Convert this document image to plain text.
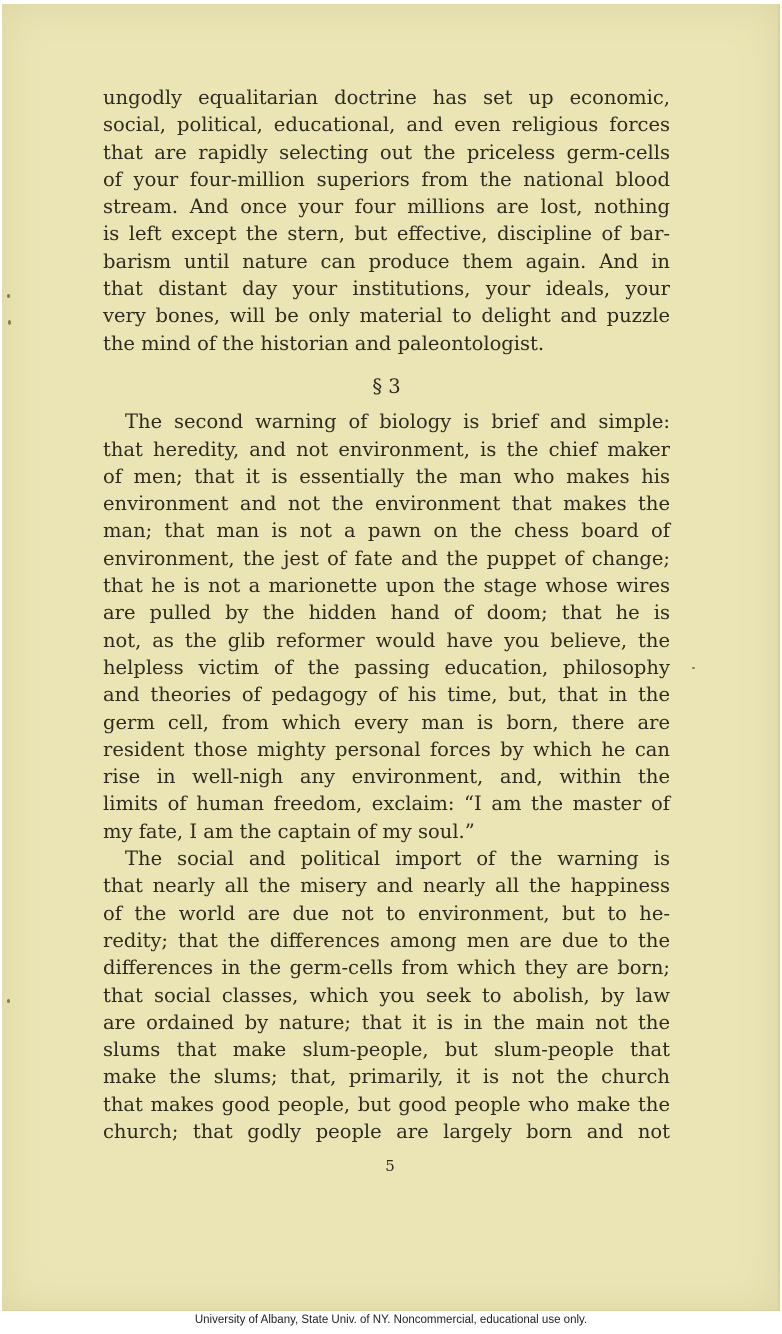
ungodly equalitarian doctrine has set up economic,
social, political, educational, and even religious forces
that are rapidly selecting out the priceless germ-cells
of your four-million superiors from the national blood
stream. And once your four millions are lost, nothing
is left except the stern, but effective, discipline of bar-
barism until nature can produce them again. And in
that distant day your institutions, your ideals, your
very bones, will be only material to delight and puzzle
the mind of the historian and paleontologist.
§ 3
The second warning of biology is brief and simple:
that heredity, and not environment, is the chief maker
of men; that it is essentially the man who makes his
environment and not the environment that makes the
man; that man is not a pawn on the chess board of
environment, the jest of fate and the puppet of change;
that he is not a marionette upon the stage whose wires
are pulled by the hidden hand of doom; that he is
not, as the glib reformer would have you believe, the
helpless victim of the passing education, philosophy
and theories of pedagogy of his time, but, that in the
germ cell, from which every man is born, there are
resident those mighty personal forces by which he can
rise in well-nigh any environment, and, within the
limits of human freedom, exclaim: “I am the master of
my fate, I am the captain of my soul.”
The social and political import of the warning is
that nearly all the misery and nearly all the happiness
of the world are due not to environment, but to he-
redity; that the differences among men are due to the
differences in the germ-cells from which they are born;
that social classes, which you seek to abolish, by law
are ordained by nature; that it is in the main not the
slums that make slum-people, but slum-people that
make the slums; that, primarily, it is not the church
that makes good people, but good people who make the
church; that godly people are largely born and not
5
University of Albany, State Univ. of NY. Noncommercial, educational use only.
